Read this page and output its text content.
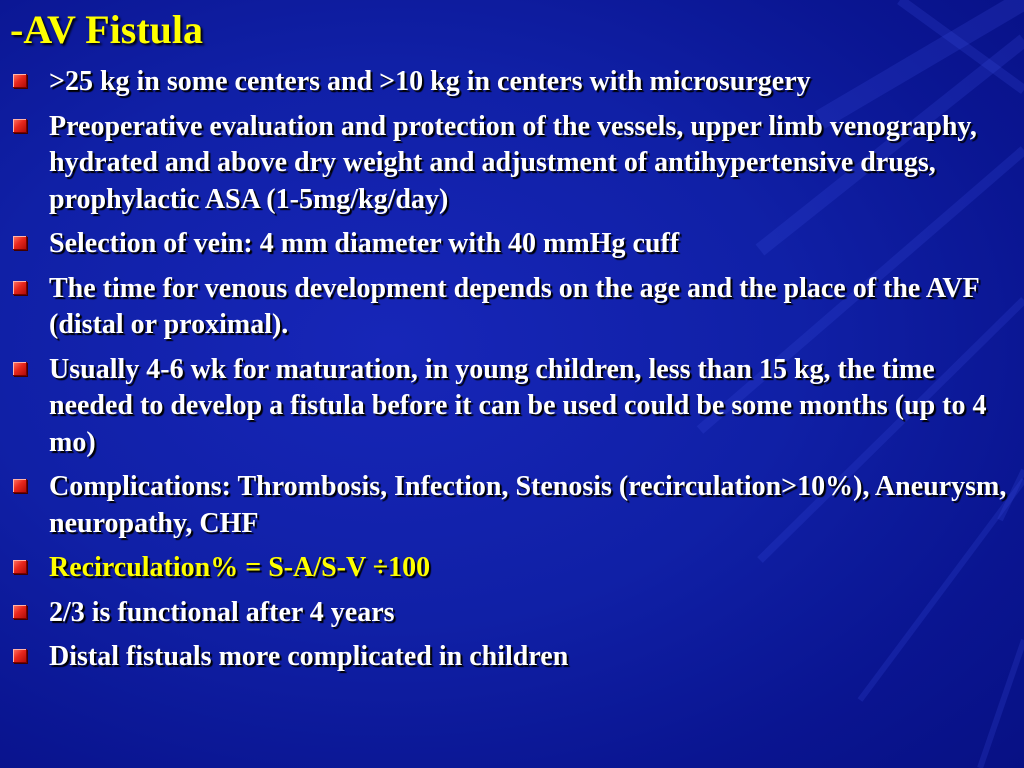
-AV Fistula
>25 kg in some centers and >10 kg in centers with microsurgery
Preoperative evaluation and protection of the vessels, upper limb venography, hydrated and above dry weight and adjustment of antihypertensive drugs, prophylactic ASA (1-5mg/kg/day)
Selection of vein: 4 mm diameter with 40 mmHg cuff
The time for venous development depends on the age and the place of the AVF (distal or proximal).
Usually 4-6 wk for maturation, in young children, less than 15 kg, the time needed to develop a fistula before it can be used could be some months (up to 4 mo)
Complications: Thrombosis, Infection, Stenosis (recirculation>10%), Aneurysm, neuropathy, CHF
Recirculation% = S-A/S-V ÷100
2/3 is functional after 4 years
Distal fistuals more complicated in children
